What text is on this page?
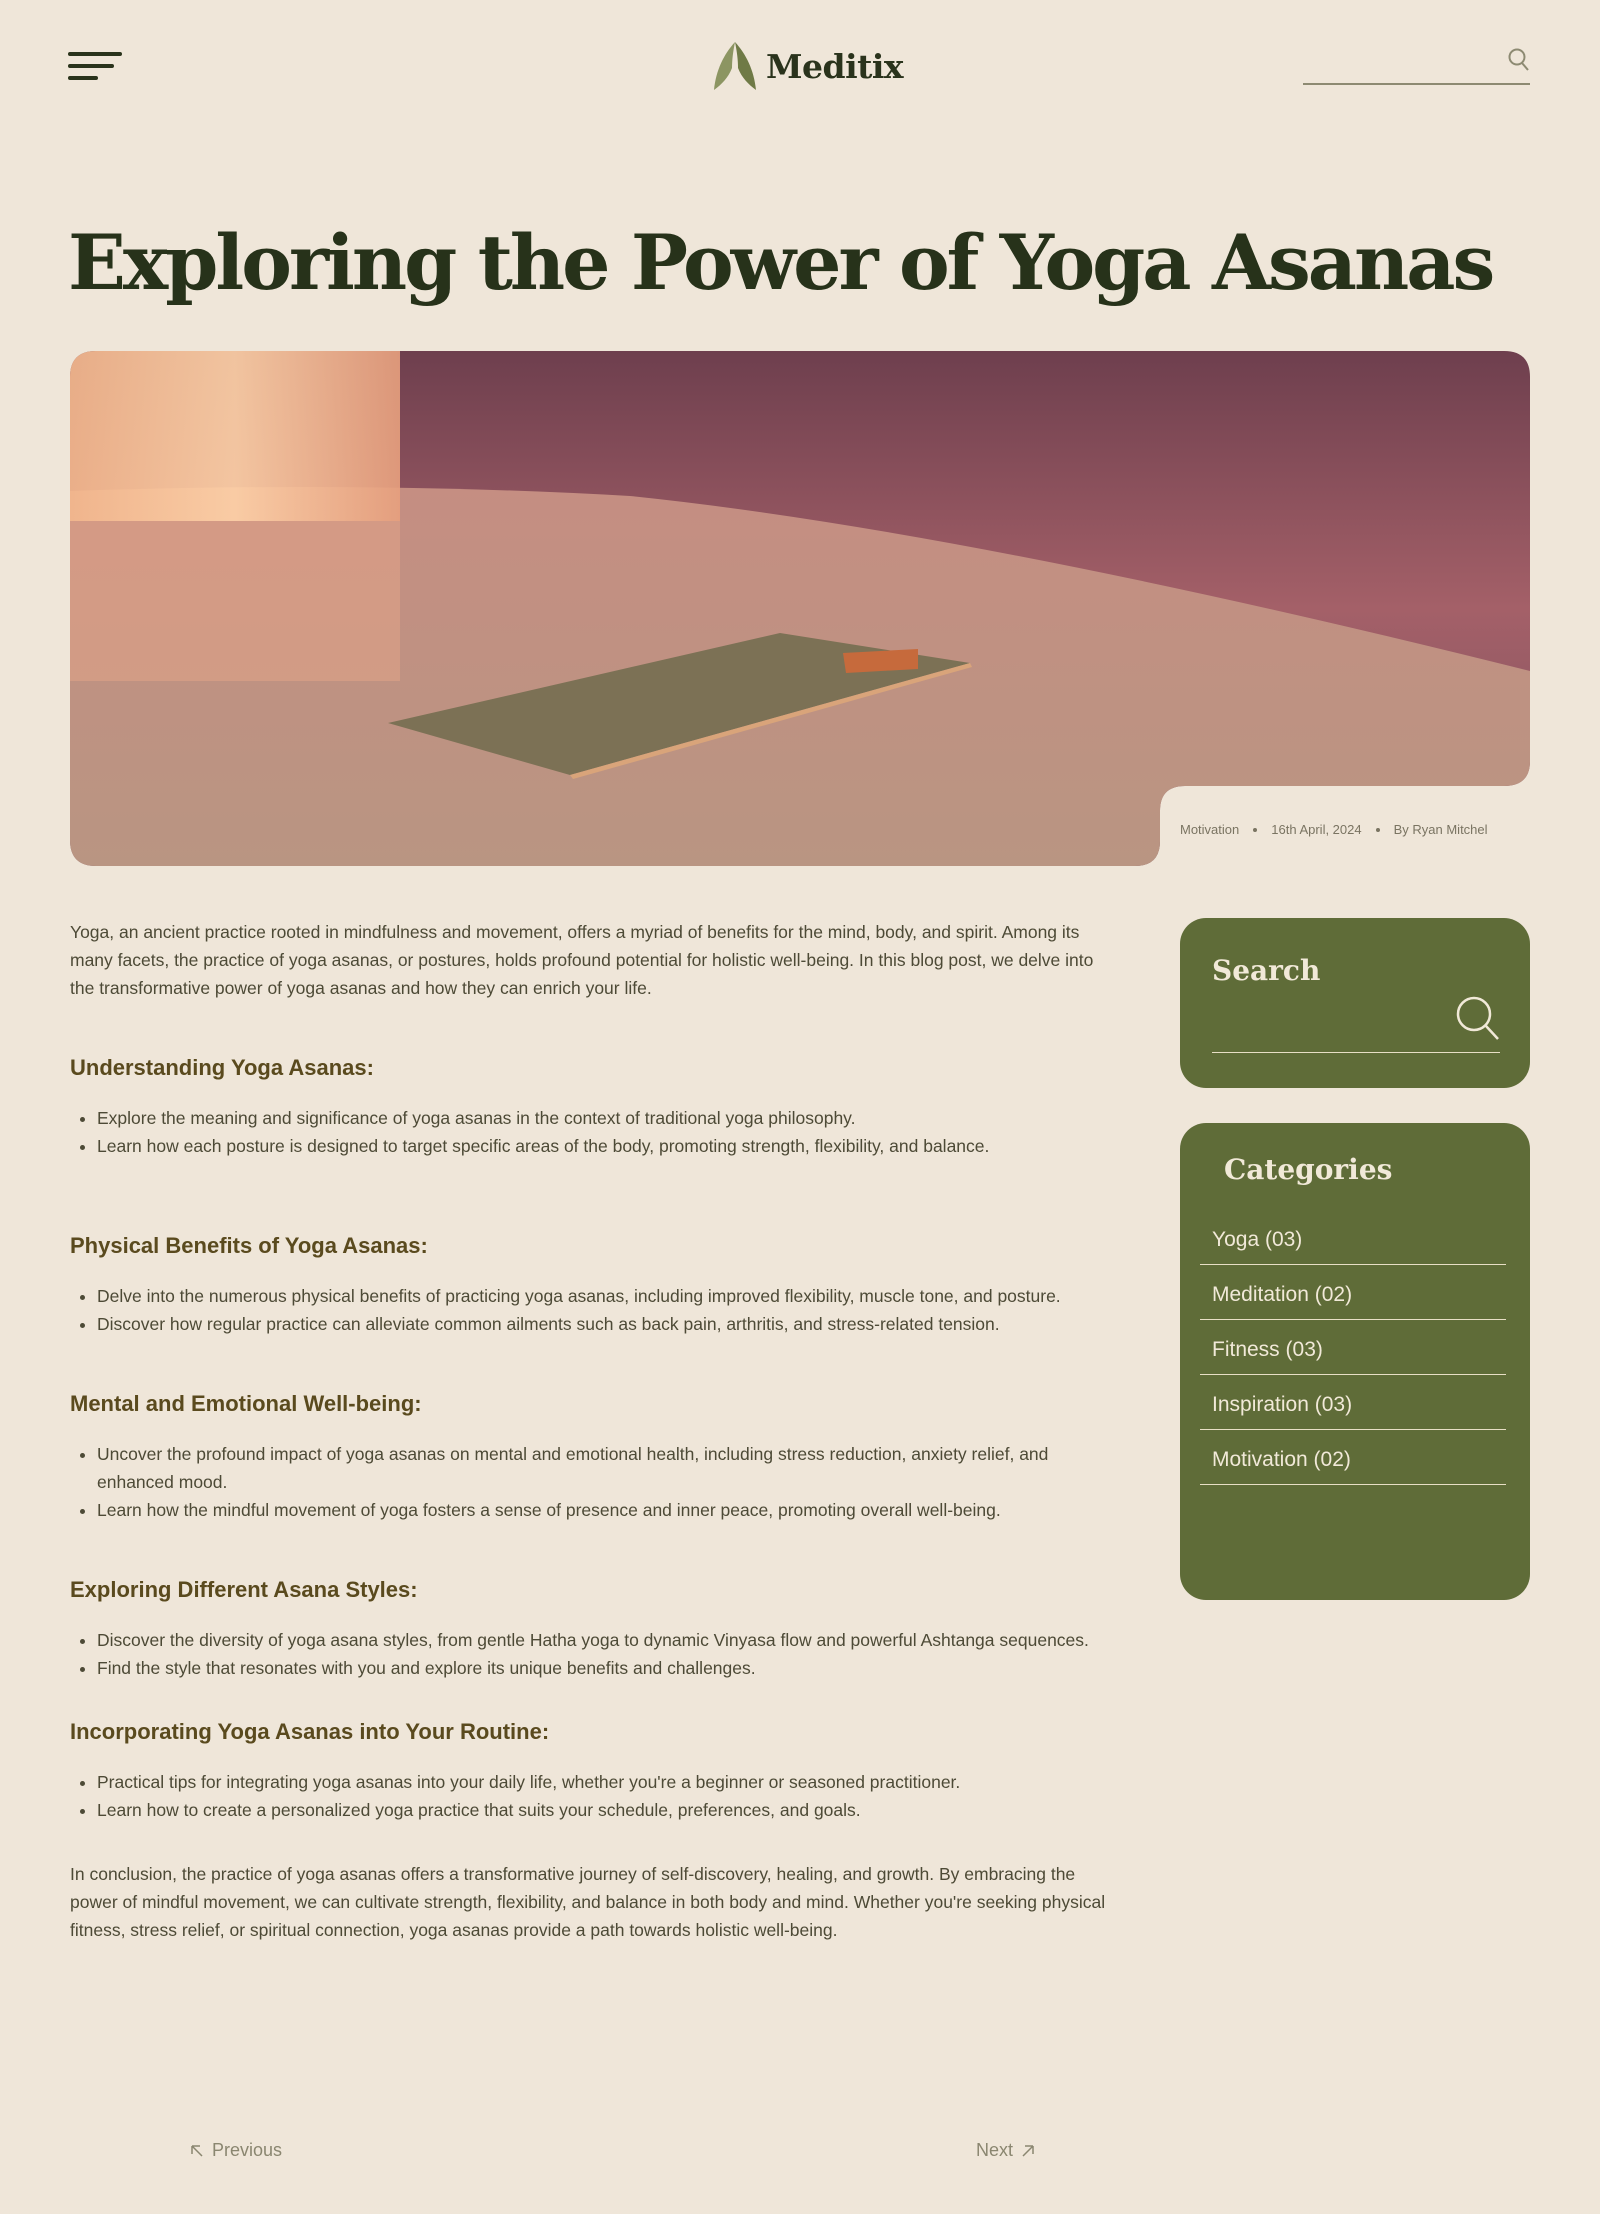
Meditix
Exploring the Power of Yoga Asanas
Motivation 16th April, 2024 By Ryan Mitchel

Yoga, an ancient practice rooted in mindfulness and movement, offers a myriad of benefits for the mind, body, and spirit. Among its many facets, the practice of yoga asanas, or postures, holds profound potential for holistic well-being. In this blog post, we delve into the transformative power of yoga asanas and how they can enrich your life.

Understanding Yoga Asanas:
• Explore the meaning and significance of yoga asanas in the context of traditional yoga philosophy.
• Learn how each posture is designed to target specific areas of the body, promoting strength, flexibility, and balance.
Physical Benefits of Yoga Asanas:
• Delve into the numerous physical benefits of practicing yoga asanas, including improved flexibility, muscle tone, and posture.
• Discover how regular practice can alleviate common ailments such as back pain, arthritis, and stress-related tension.
Mental and Emotional Well-being:
• Uncover the profound impact of yoga asanas on mental and emotional health, including stress reduction, anxiety relief, and enhanced mood.
• Learn how the mindful movement of yoga fosters a sense of presence and inner peace, promoting overall well-being.
Exploring Different Asana Styles:
• Discover the diversity of yoga asana styles, from gentle Hatha yoga to dynamic Vinyasa flow and powerful Ashtanga sequences.
• Find the style that resonates with you and explore its unique benefits and challenges.
Incorporating Yoga Asanas into Your Routine:
• Practical tips for integrating yoga asanas into your daily life, whether you're a beginner or seasoned practitioner.
• Learn how to create a personalized yoga practice that suits your schedule, preferences, and goals.

In conclusion, the practice of yoga asanas offers a transformative journey of self-discovery, healing, and growth. By embracing the power of mindful movement, we can cultivate strength, flexibility, and balance in both body and mind. Whether you're seeking physical fitness, stress relief, or spiritual connection, yoga asanas provide a path towards holistic well-being.

Search
Categories
Yoga (03)
Meditation (02)
Fitness (03)
Inspiration (03)
Motivation (02)
Previous	Next
